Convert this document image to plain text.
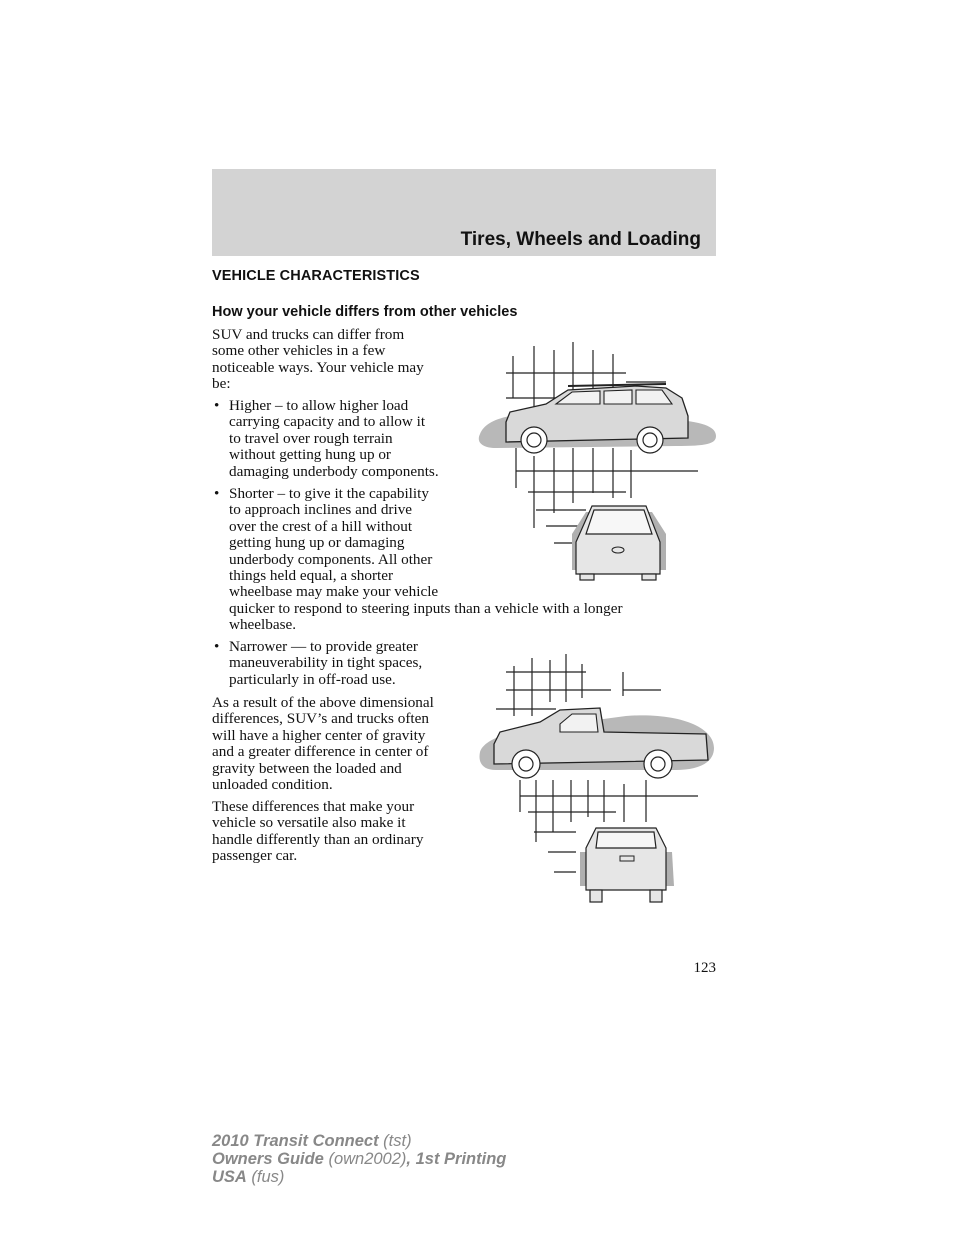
Tires, Wheels and Loading
VEHICLE CHARACTERISTICS
How your vehicle differs from other vehicles
SUV and trucks can differ from
some other vehicles in a few
noticeable ways. Your vehicle may
be:
• Higher – to allow higher load
carrying capacity and to allow it
to travel over rough terrain
without getting hung up or
damaging underbody components.
• Shorter – to give it the capability
to approach inclines and drive
over the crest of a hill without
getting hung up or damaging
underbody components. All other
things held equal, a shorter
wheelbase may make your vehicle
quicker to respond to steering inputs than a vehicle with a longer
wheelbase.
• Narrower — to provide greater
maneuverability in tight spaces,
particularly in off-road use.
As a result of the above dimensional
differences, SUV’s and trucks often
will have a higher center of gravity
and a greater difference in center of
gravity between the loaded and
unloaded condition.
These differences that make your
vehicle so versatile also make it
handle differently than an ordinary
passenger car.
123
2010 Transit Connect (tst)
Owners Guide (own2002), 1st Printing
USA (fus)
